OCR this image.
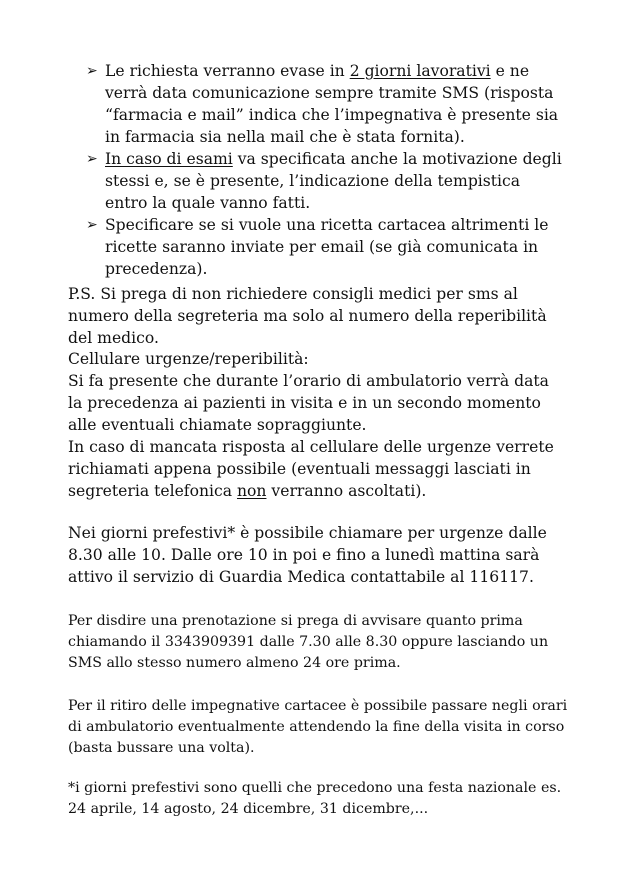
➢ Le richiesta verranno evase in 2 giorni lavorativi e ne verrà data comunicazione sempre tramite SMS (risposta “farmacia e mail” indica che l’impegnativa è presente sia in farmacia sia nella mail che è stata fornita).
➢ In caso di esami va specificata anche la motivazione degli stessi e, se è presente, l’indicazione della tempistica entro la quale vanno fatti.
➢ Specificare se si vuole una ricetta cartacea altrimenti le ricette saranno inviate per email (se già comunicata in precedenza).

P.S. Si prega di non richiedere consigli medici per sms al numero della segreteria ma solo al numero della reperibilità del medico.

Cellulare urgenze/reperibilità:
Si fa presente che durante l’orario di ambulatorio verrà data la precedenza ai pazienti in visita e in un secondo momento alle eventuali chiamate sopraggiunte.
In caso di mancata risposta al cellulare delle urgenze verrete richiamati appena possibile (eventuali messaggi lasciati in segreteria telefonica non verranno ascoltati).

Nei giorni prefestivi* è possibile chiamare per urgenze dalle 8.30 alle 10. Dalle ore 10 in poi e fino a lunedì mattina sarà attivo il servizio di Guardia Medica contattabile al 116117.

Per disdire una prenotazione si prega di avvisare quanto prima chiamando il 3343909391 dalle 7.30 alle 8.30 oppure lasciando un SMS allo stesso numero almeno 24 ore prima.

Per il ritiro delle impegnative cartacee è possibile passare negli orari di ambulatorio eventualmente attendendo la fine della visita in corso (basta bussare una volta).

*i giorni prefestivi sono quelli che precedono una festa nazionale es. 24 aprile, 14 agosto, 24 dicembre, 31 dicembre,...
